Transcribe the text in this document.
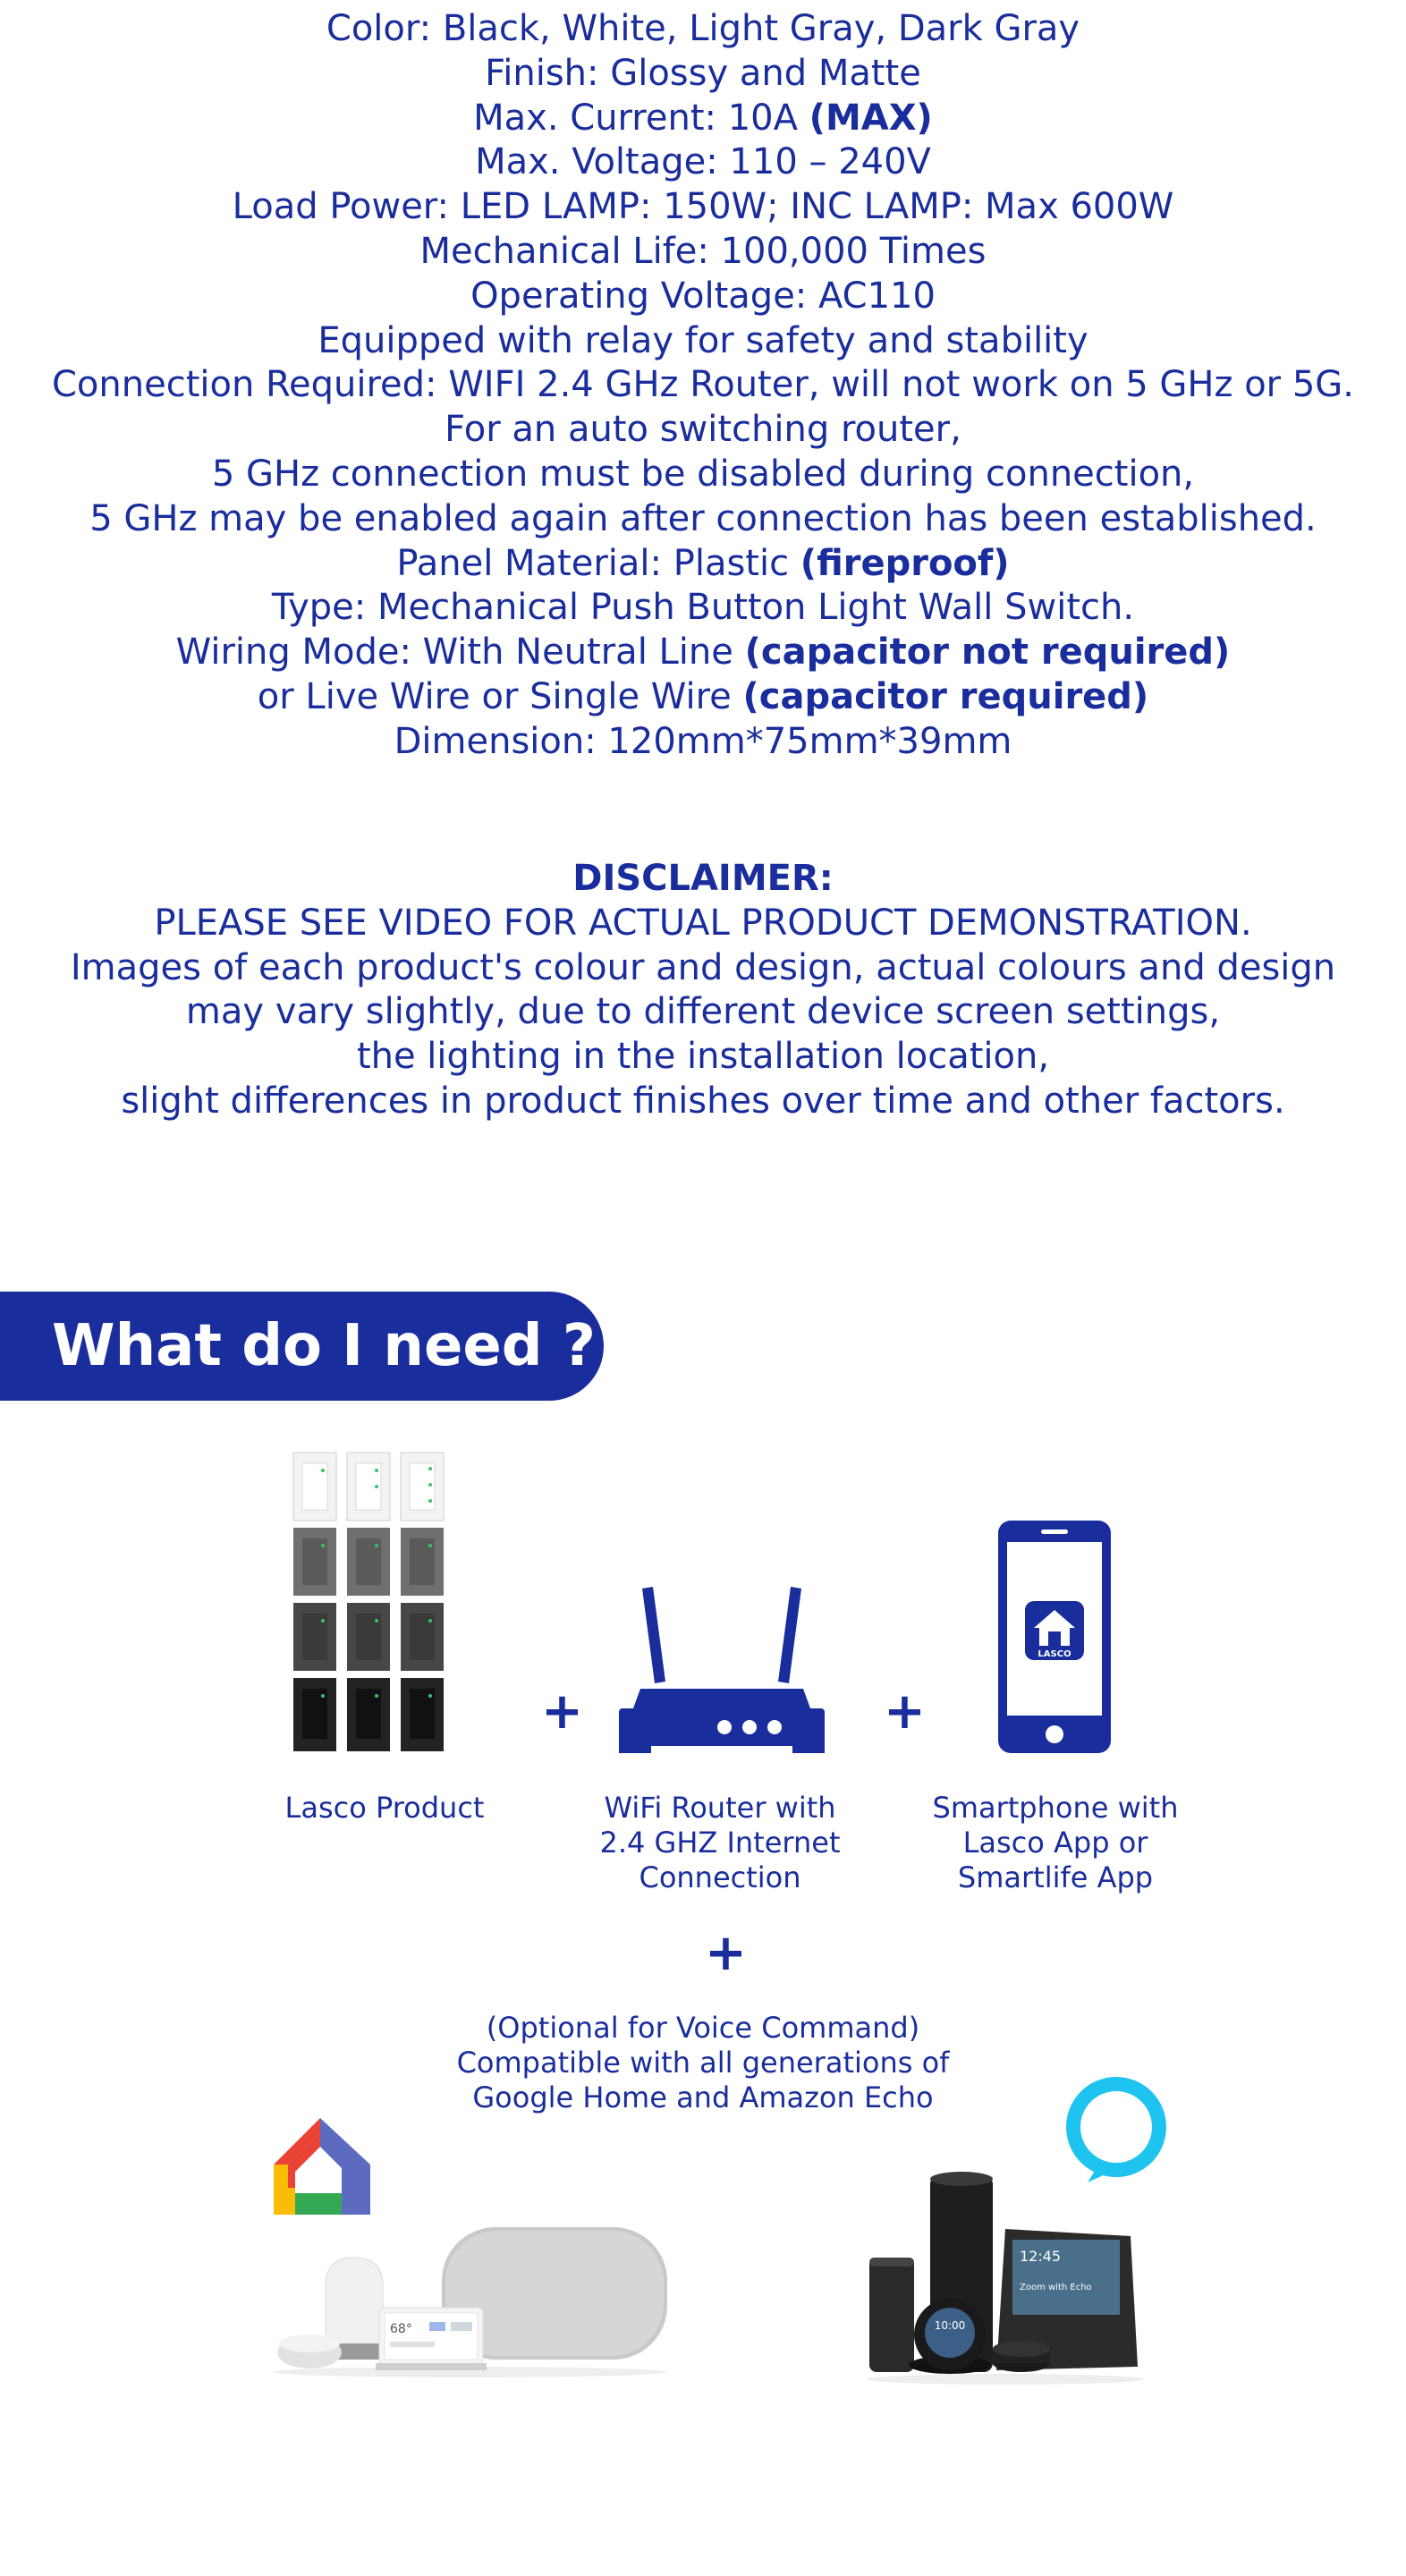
Color: Black, White, Light Gray, Dark Gray
Finish: Glossy and Matte
Max. Current: 10A (MAX)
Max. Voltage: 110 – 240V
Load Power: LED LAMP: 150W; INC LAMP: Max 600W
Mechanical Life: 100,000 Times
Operating Voltage: AC110
Equipped with relay for safety and stability
Connection Required: WIFI 2.4 GHz Router, will not work on 5 GHz or 5G.
For an auto switching router,
5 GHz connection must be disabled during connection,
5 GHz may be enabled again after connection has been established.
Panel Material: Plastic (fireproof)
Type: Mechanical Push Button Light Wall Switch.
Wiring Mode: With Neutral Line (capacitor not required)
or Live Wire or Single Wire (capacitor required)
Dimension: 120mm*75mm*39mm
DISCLAIMER:
PLEASE SEE VIDEO FOR ACTUAL PRODUCT DEMONSTRATION.
Images of each product's colour and design, actual colours and design
may vary slightly, due to different device screen settings,
the lighting in the installation location,
slight differences in product finishes over time and other factors.
What do I need ?
+	+
LASCO
Lasco Product	WiFi Router with
2.4 GHZ Internet
Connection
Smartphone with
Lasco App or
Smartlife App
+
(Optional for Voice Command)
Compatible with all generations of
Google Home and Amazon Echo
68°
12:45
Zoom with Echo
10:00
